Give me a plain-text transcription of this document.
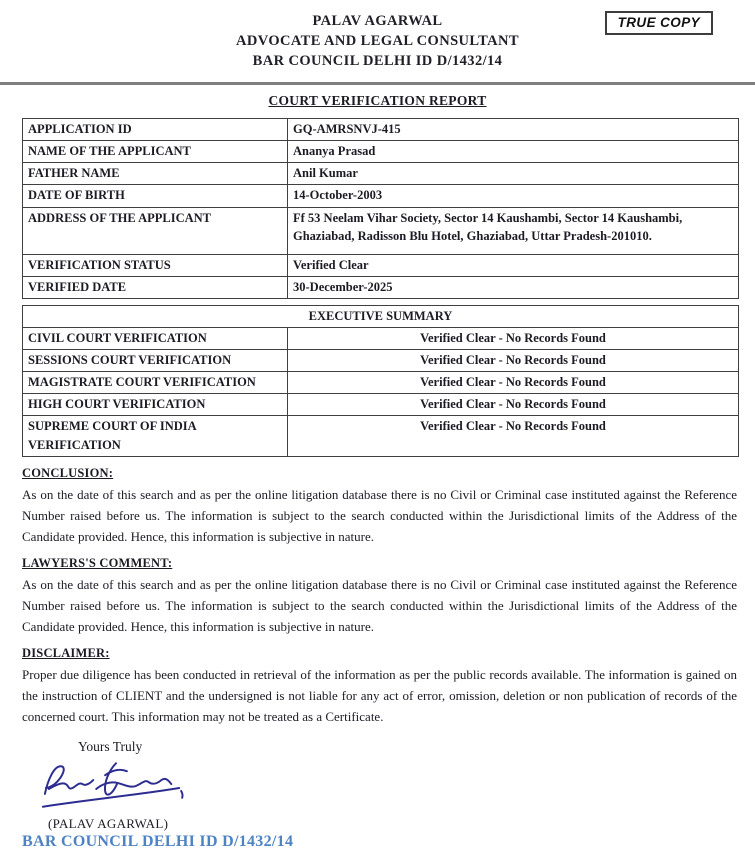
TRUE COPY
PALAV AGARWAL
ADVOCATE AND LEGAL CONSULTANT
BAR COUNCIL DELHI ID D/1432/14
COURT VERIFICATION REPORT
APPLICATION ID	GQ-AMRSNVJ-415
NAME OF THE APPLICANT	Ananya Prasad
FATHER NAME	Anil Kumar
DATE OF BIRTH	14-October-2003
ADDRESS OF THE APPLICANT	Ff 53 Neelam Vihar Society, Sector 14 Kaushambi, Sector 14 Kaushambi, Ghaziabad, Radisson Blu Hotel, Ghaziabad, Uttar Pradesh-201010.
VERIFICATION STATUS	Verified Clear
VERIFIED DATE	30-December-2025
EXECUTIVE SUMMARY	
CIVIL COURT VERIFICATION	Verified Clear - No Records Found
SESSIONS COURT VERIFICATION	Verified Clear - No Records Found
MAGISTRATE COURT VERIFICATION	Verified Clear - No Records Found
HIGH COURT VERIFICATION	Verified Clear - No Records Found
SUPREME COURT OF INDIA VERIFICATION	Verified Clear - No Records Found
CONCLUSION:

As on the date of this search and as per the online litigation database there is no Civil or Criminal case instituted against the Reference Number raised before us. The information is subject to the search conducted within the Jurisdictional limits of the Address of the Candidate provided. Hence, this information is subjective in nature.

LAWYERS'S COMMENT:

As on the date of this search and as per the online litigation database there is no Civil or Criminal case instituted against the Reference Number raised before us. The information is subject to the search conducted within the Jurisdictional limits of the Address of the Candidate provided. Hence, this information is subjective in nature.

DISCLAIMER:

Proper due diligence has been conducted in retrieval of the information as per the public records available. The information is gained on the instruction of CLIENT and the undersigned is not liable for any act of error, omission, deletion or non publication of records of the concerned court. This information may not be treated as a Certificate.

Yours Truly
(PALAV AGARWAL)
BAR COUNCIL DELHI ID D/1432/14
